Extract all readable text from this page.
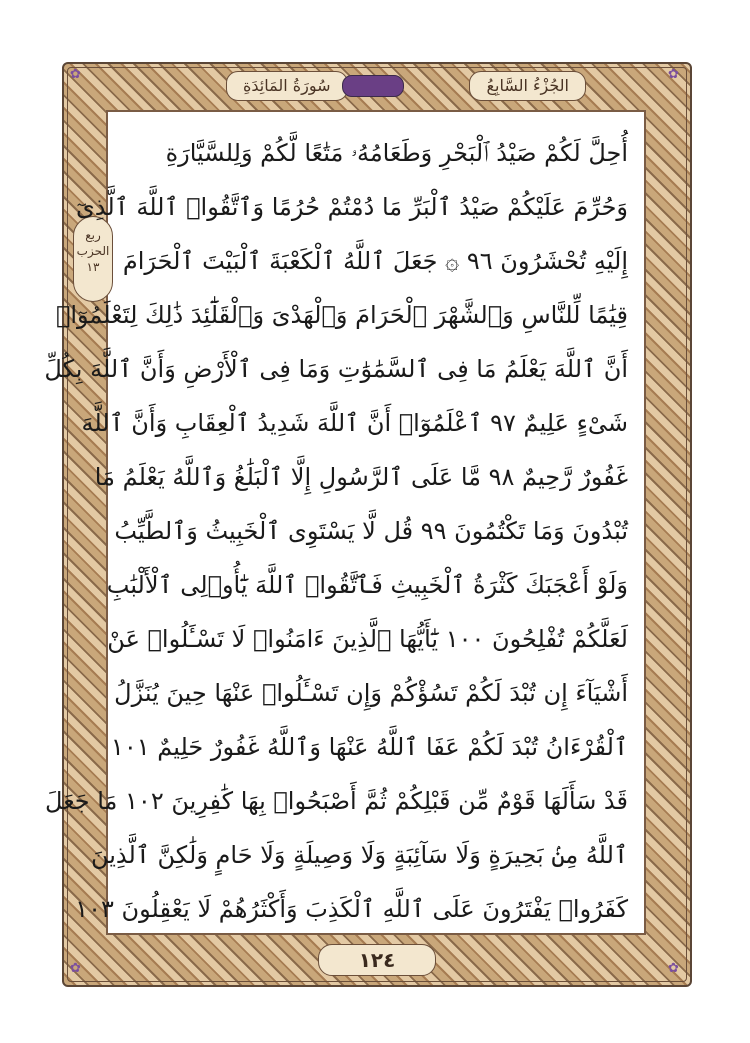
✿	✿
✿	✿
سُورَةُ المَائِدَةِ	الجُزْءُ السَّابِعُ
ربع
الحزب
١٣
أُحِلَّ لَكُمْ صَيْدُ ٱلْبَحْرِ وَطَعَامُهُۥ مَتَٰعًا لَّكُمْ وَلِلسَّيَّارَةِ
وَحُرِّمَ عَلَيْكُمْ صَيْدُ ٱلْبَرِّ مَا دُمْتُمْ حُرُمًا وَٱتَّقُوا۟ ٱللَّهَ ٱلَّذِىٓ
إِلَيْهِ تُحْشَرُونَ ٩٦ ۞ جَعَلَ ٱللَّهُ ٱلْكَعْبَةَ ٱلْبَيْتَ ٱلْحَرَامَ
قِيَٰمًا لِّلنَّاسِ وَٱلشَّهْرَ ٱلْحَرَامَ وَٱلْهَدْىَ وَٱلْقَلَٰٓئِدَ ذَٰلِكَ لِتَعْلَمُوٓا۟
أَنَّ ٱللَّهَ يَعْلَمُ مَا فِى ٱلسَّمَٰوَٰتِ وَمَا فِى ٱلْأَرْضِ وَأَنَّ ٱللَّهَ بِكُلِّ
شَىْءٍ عَلِيمٌ ٩٧ ٱعْلَمُوٓا۟ أَنَّ ٱللَّهَ شَدِيدُ ٱلْعِقَابِ وَأَنَّ ٱللَّهَ
غَفُورٌ رَّحِيمٌ ٩٨ مَّا عَلَى ٱلرَّسُولِ إِلَّا ٱلْبَلَٰغُ وَٱللَّهُ يَعْلَمُ مَا
تُبْدُونَ وَمَا تَكْتُمُونَ ٩٩ قُل لَّا يَسْتَوِى ٱلْخَبِيثُ وَٱلطَّيِّبُ
وَلَوْ أَعْجَبَكَ كَثْرَةُ ٱلْخَبِيثِ فَٱتَّقُوا۟ ٱللَّهَ يَٰٓأُو۟لِى ٱلْأَلْبَٰبِ
لَعَلَّكُمْ تُفْلِحُونَ ١٠٠ يَٰٓأَيُّهَا ٱلَّذِينَ ءَامَنُوا۟ لَا تَسْـَٔلُوا۟ عَنْ
أَشْيَآءَ إِن تُبْدَ لَكُمْ تَسُؤْكُمْ وَإِن تَسْـَٔلُوا۟ عَنْهَا حِينَ يُنَزَّلُ
ٱلْقُرْءَانُ تُبْدَ لَكُمْ عَفَا ٱللَّهُ عَنْهَا وَٱللَّهُ غَفُورٌ حَلِيمٌ ١٠١
قَدْ سَأَلَهَا قَوْمٌ مِّن قَبْلِكُمْ ثُمَّ أَصْبَحُوا۟ بِهَا كَٰفِرِينَ ١٠٢ مَا جَعَلَ
ٱللَّهُ مِنۢ بَحِيرَةٍ وَلَا سَآئِبَةٍ وَلَا وَصِيلَةٍ وَلَا حَامٍ وَلَٰكِنَّ ٱلَّذِينَ
كَفَرُوا۟ يَفْتَرُونَ عَلَى ٱللَّهِ ٱلْكَذِبَ وَأَكْثَرُهُمْ لَا يَعْقِلُونَ ١٠٣
١٢٤
